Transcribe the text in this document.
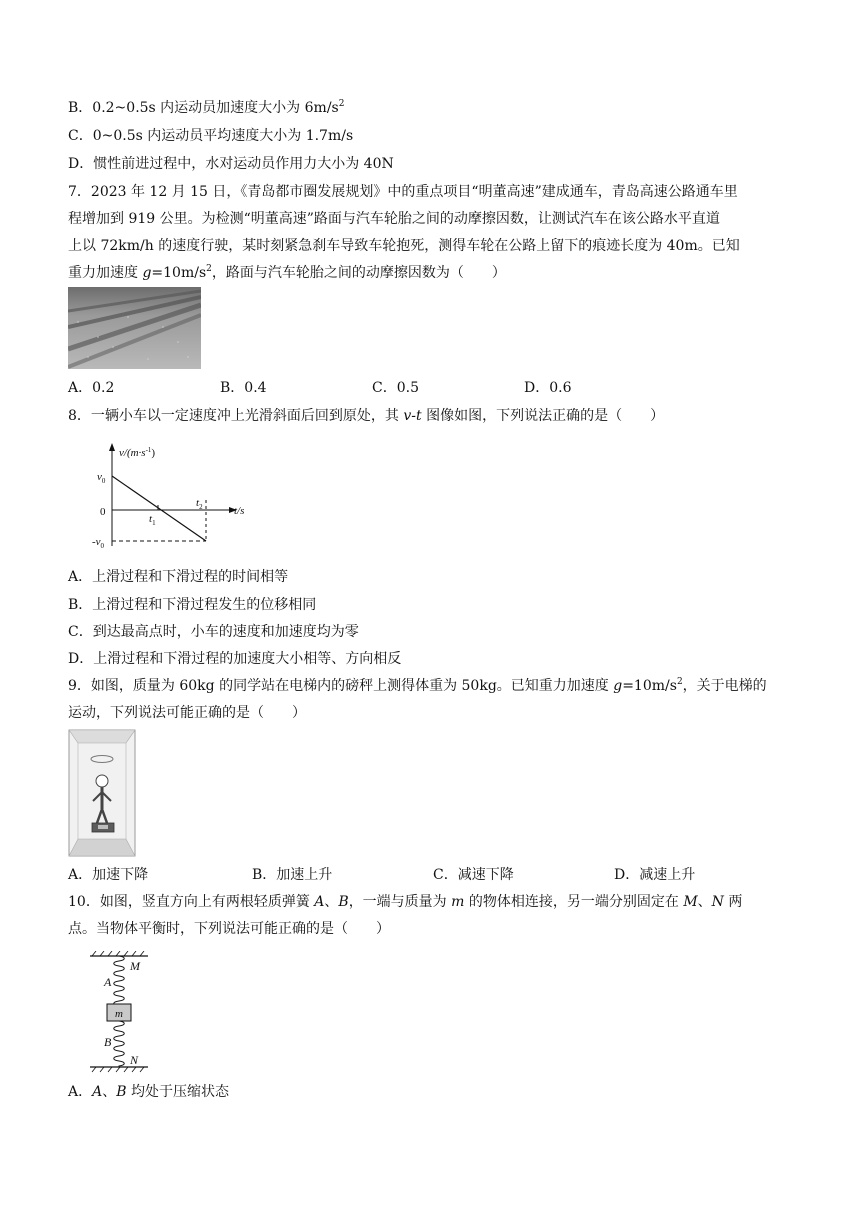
B．0.2~0.5s 内运动员加速度大小为 $6m/s^2$
C．0~0.5s 内运动员平均速度大小为 1.7m/s
D．惯性前进过程中，水对运动员作用力大小为 40N
7．2023 年 12 月 15 日，《青岛都市圈发展规划》中的重点项目“明董高速”建成通车，青岛高速公路通车里
程增加到 919 公里。为检测“明董高速”路面与汽车轮胎之间的动摩擦因数，让测试汽车在该公路水平直道
上以 72km/h 的速度行驶，某时刻紧急刹车导致车轮抱死，测得车轮在公路上留下的痕迹长度为 40m。已知
重力加速度 $g=10m/s^2$，路面与汽车轮胎之间的动摩擦因数为（　　）
A．0.2	B．0.4	C．0.5	D．0.6
8．一辆小车以一定速度冲上光滑斜面后回到原处，其 v-t 图像如图，下列说法正确的是（　　）
$v/(m\cdot s^{-1})$
t/s
$v_0$
0
$-v_0$
$t_1$
$t_2$
A．上滑过程和下滑过程的时间相等
B．上滑过程和下滑过程发生的位移相同
C．到达最高点时，小车的速度和加速度均为零
D．上滑过程和下滑过程的加速度大小相等、方向相反
9．如图，质量为 60kg 的同学站在电梯内的磅秤上测得体重为 50kg。已知重力加速度 $g=10m/s^2$，关于电梯的
运动，下列说法可能正确的是（　　）
A．加速下降	B．加速上升	C．减速下降	D．减速上升
10．如图，竖直方向上有两根轻质弹簧 A、B，一端与质量为 m 的物体相连接，另一端分别固定在 M、N 两
点。当物体平衡时，下列说法可能正确的是（　　）
M
A
m
B
N
A．A、B 均处于压缩状态
